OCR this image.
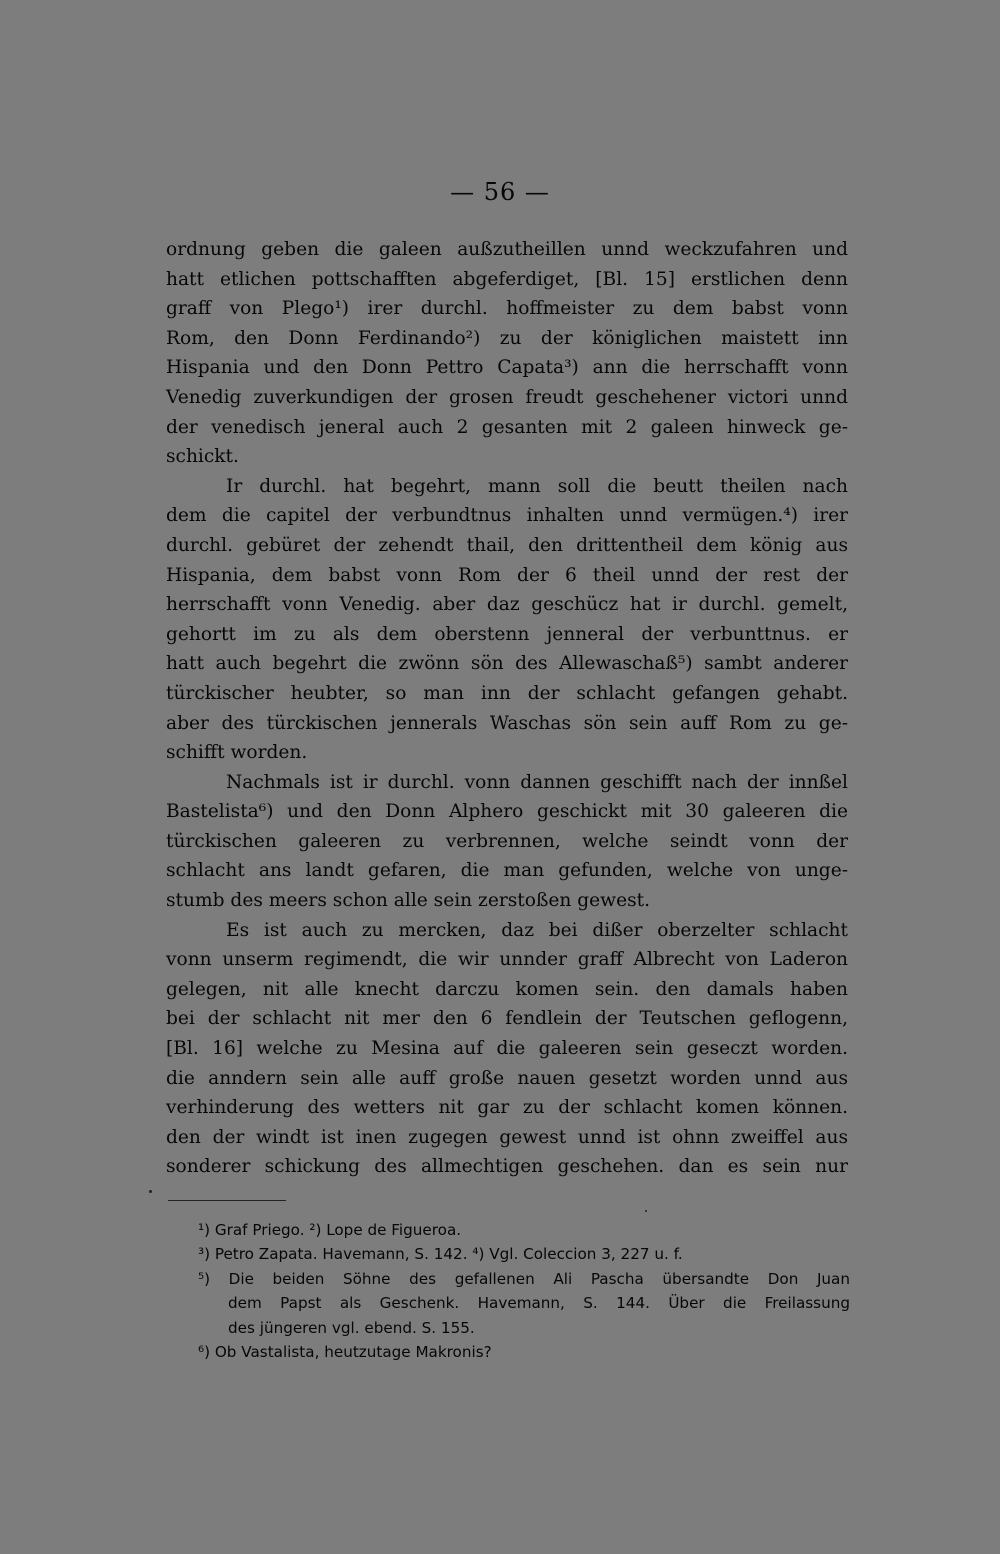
— 56 —
ordnung geben die galeen außzutheillen unnd weckzufahren und
hatt etlichen pottschafften abgeferdiget, [Bl. 15] erstlichen denn
graff von Plego¹) irer durchl. hoffmeister zu dem babst vonn
Rom, den Donn Ferdinando²) zu der königlichen maistett inn
Hispania und den Donn Pettro Capata³) ann die herrschafft vonn
Venedig zuverkundigen der grosen freudt geschehener victori unnd
der venedisch jeneral auch 2 gesanten mit 2 galeen hinweck ge-
schickt.
Ir durchl. hat begehrt, mann soll die beutt theilen nach
dem die capitel der verbundtnus inhalten unnd vermügen.⁴) irer
durchl. gebüret der zehendt thail, den drittentheil dem könig aus
Hispania, dem babst vonn Rom der 6 theil unnd der rest der
herrschafft vonn Venedig. aber daz geschücz hat ir durchl. gemelt,
gehortt im zu als dem oberstenn jenneral der verbunttnus. er
hatt auch begehrt die zwönn sön des Allewaschaß⁵) sambt anderer
türckischer heubter, so man inn der schlacht gefangen gehabt.
aber des türckischen jennerals Waschas sön sein auff Rom zu ge-
schifft worden.
Nachmals ist ir durchl. vonn dannen geschifft nach der innßel
Bastelista⁶) und den Donn Alphero geschickt mit 30 galeeren die
türckischen galeeren zu verbrennen, welche seindt vonn der
schlacht ans landt gefaren, die man gefunden, welche von unge-
stumb des meers schon alle sein zerstoßen gewest.
Es ist auch zu mercken, daz bei dißer oberzelter schlacht
vonn unserm regimendt, die wir unnder graff Albrecht von Laderon
gelegen, nit alle knecht darczu komen sein. den damals haben
bei der schlacht nit mer den 6 fendlein der Teutschen geflogenn,
[Bl. 16] welche zu Mesina auf die galeeren sein geseczt worden.
die anndern sein alle auff große nauen gesetzt worden unnd aus
verhinderung des wetters nit gar zu der schlacht komen können.
den der windt ist inen zugegen gewest unnd ist ohnn zweiffel aus
sonderer schickung des allmechtigen geschehen. dan es sein nur
¹) Graf Priego. ²) Lope de Figueroa.
³) Petro Zapata. Havemann, S. 142. ⁴) Vgl. Coleccion 3, 227 u. f.
⁵) Die beiden Söhne des gefallenen Ali Pascha übersandte Don Juan
dem Papst als Geschenk. Havemann, S. 144. Über die Freilassung
des jüngeren vgl. ebend. S. 155.
⁶) Ob Vastalista, heutzutage Makronis?
